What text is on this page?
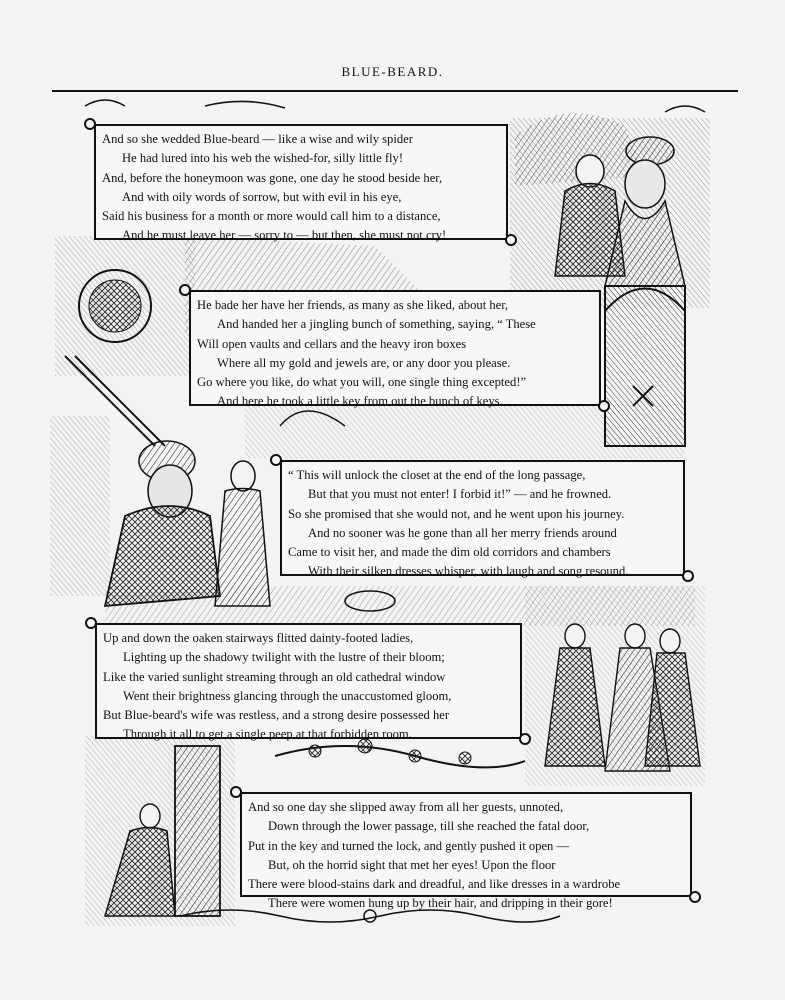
BLUE-BEARD.
And so she wedded Blue-beard — like a wise and wily spider
He had lured into his web the wished-for, silly little fly!
And, before the honeymoon was gone, one day he stood beside her,
And with oily words of sorrow, but with evil in his eye,
Said his business for a month or more would call him to a distance,
And he must leave her — sorry to — but then, she must not cry!
He bade her have her friends, as many as she liked, about her,
And handed her a jingling bunch of something, saying, “ These
Will open vaults and cellars and the heavy iron boxes
Where all my gold and jewels are, or any door you please.
Go where you like, do what you will, one single thing excepted!”
And here he took a little key from out the bunch of keys.
“ This will unlock the closet at the end of the long passage,
But that you must not enter! I forbid it!” — and he frowned.
So she promised that she would not, and he went upon his journey.
And no sooner was he gone than all her merry friends around
Came to visit her, and made the dim old corridors and chambers
With their silken dresses whisper, with laugh and song resound.
Up and down the oaken stairways flitted dainty-footed ladies,
Lighting up the shadowy twilight with the lustre of their bloom;
Like the varied sunlight streaming through an old cathedral window
Went their brightness glancing through the unaccustomed gloom,
But Blue-beard's wife was restless, and a strong desire possessed her
Through it all to get a single peep at that forbidden room.
And so one day she slipped away from all her guests, unnoted,
Down through the lower passage, till she reached the fatal door,
Put in the key and turned the lock, and gently pushed it open —
But, oh the horrid sight that met her eyes! Upon the floor
There were blood-stains dark and dreadful, and like dresses in a wardrobe
There were women hung up by their hair, and dripping in their gore!
